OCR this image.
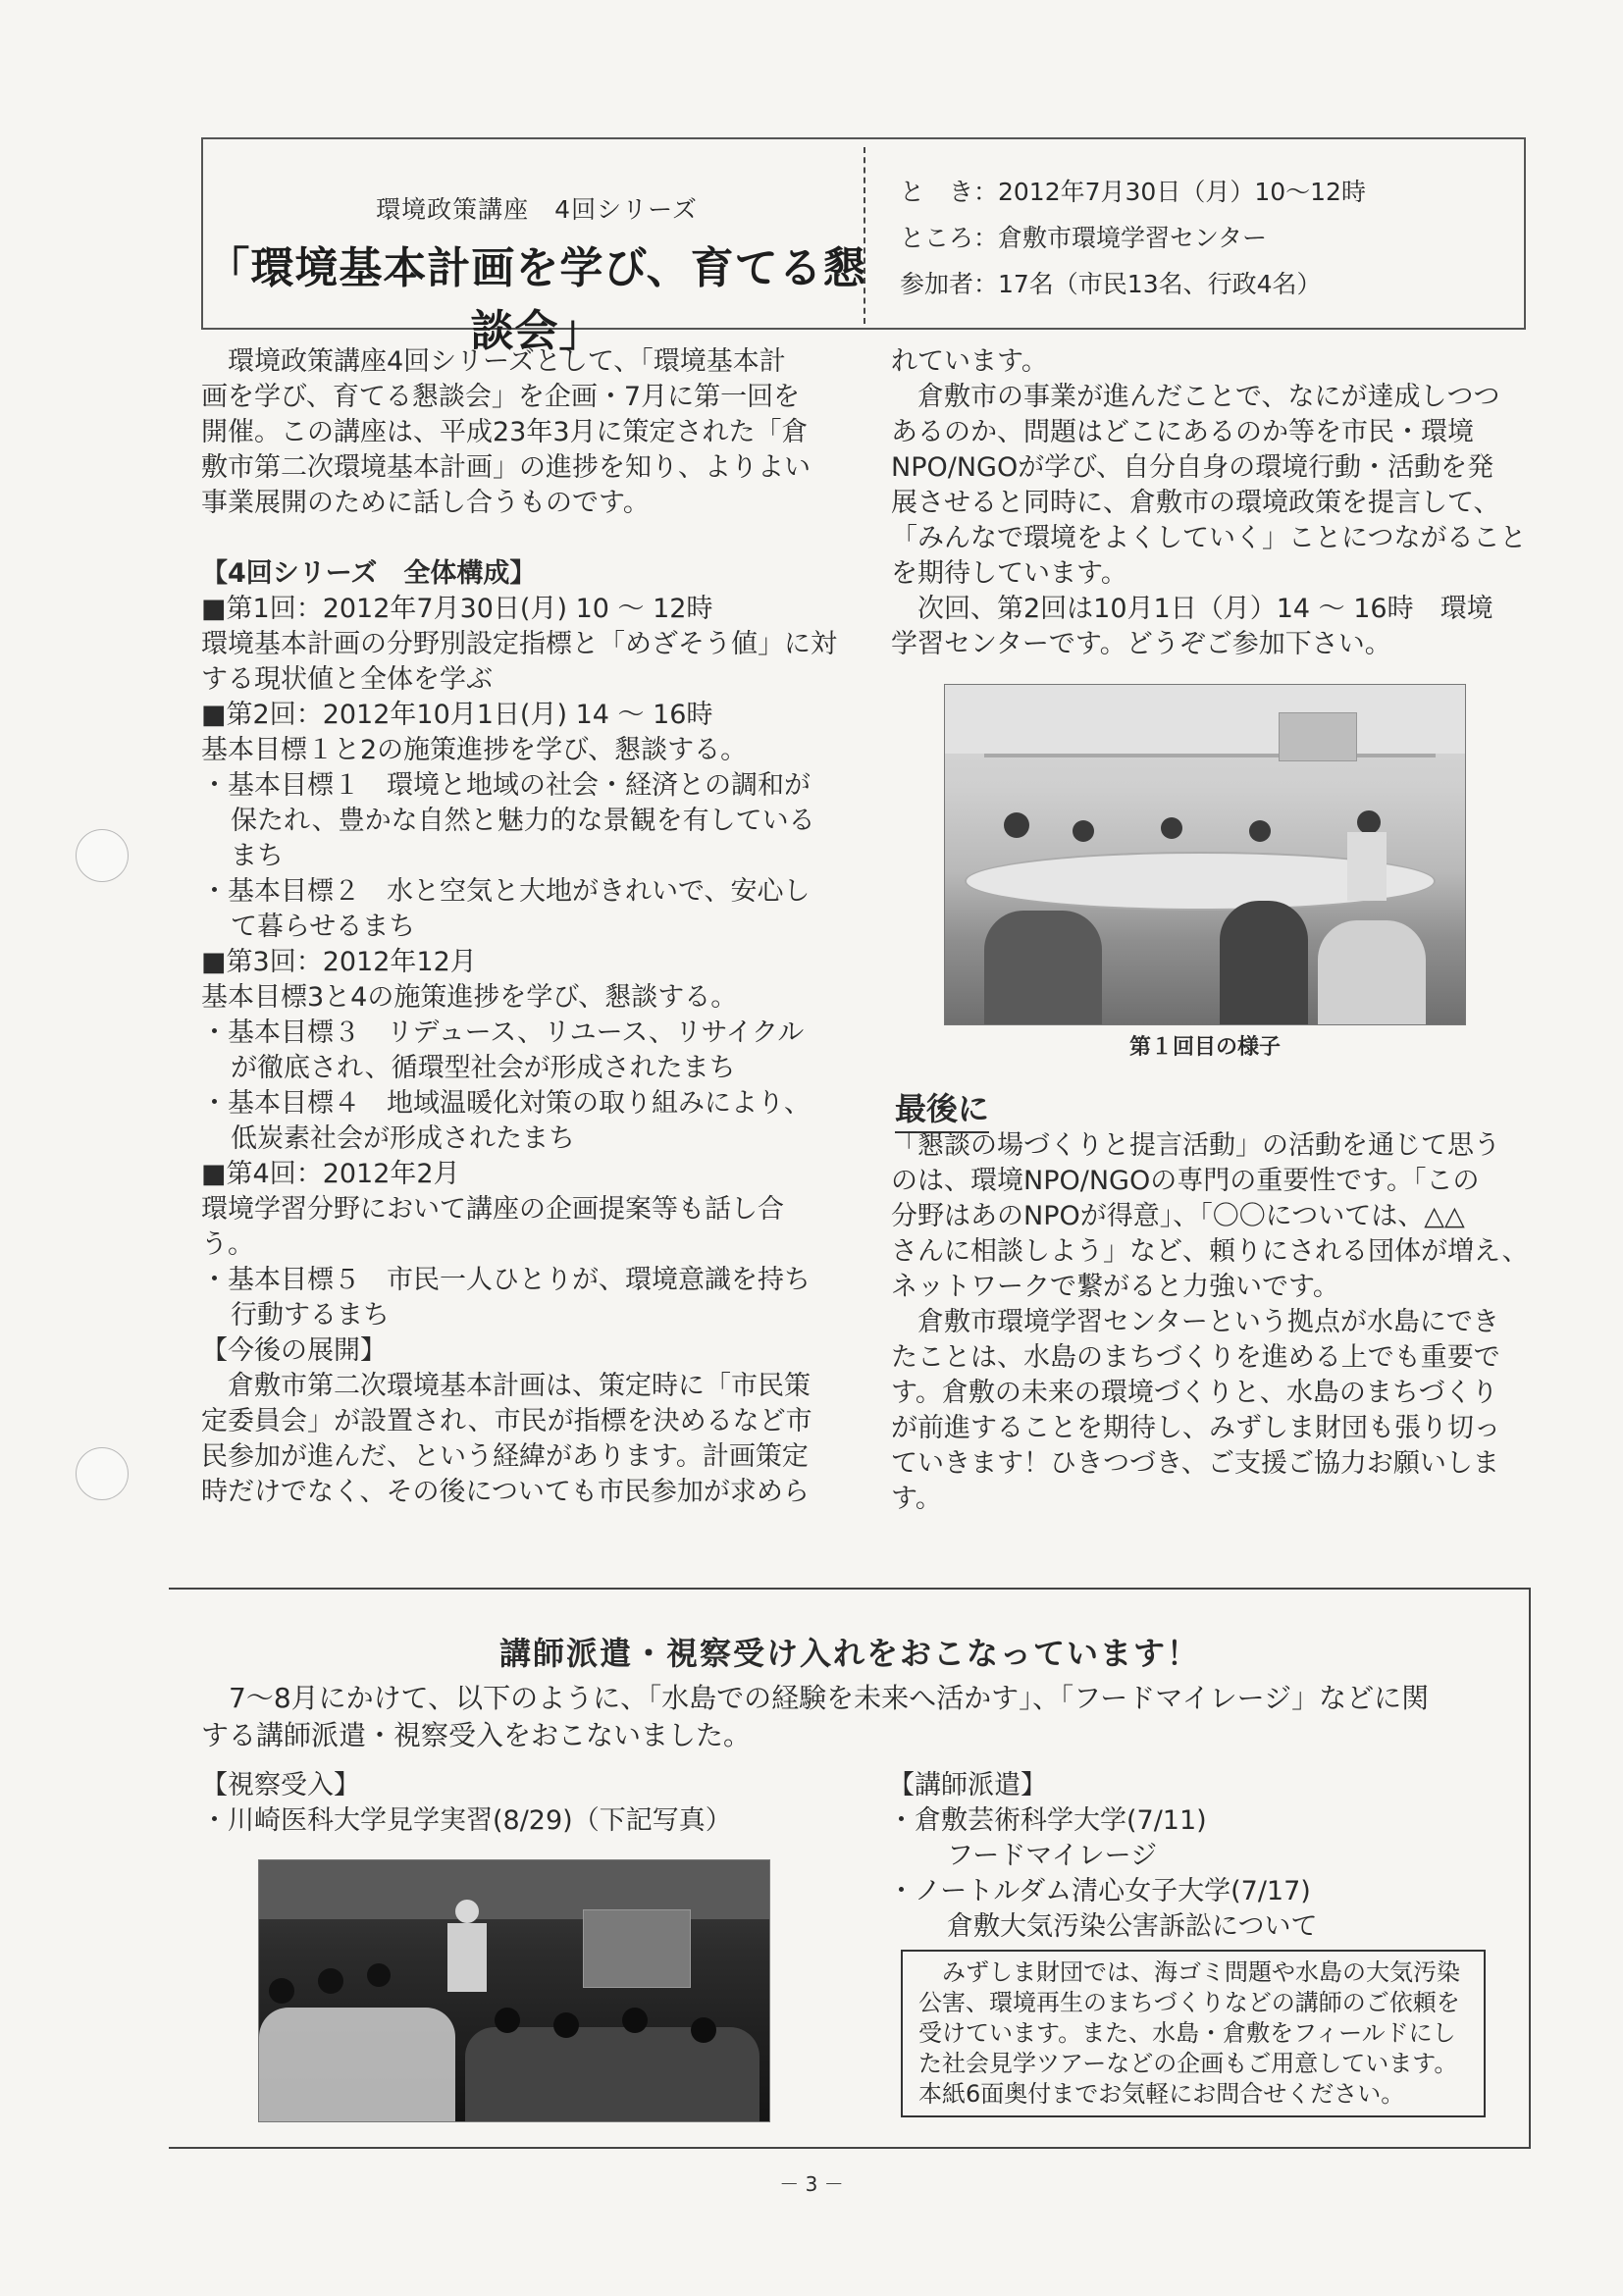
環境政策講座　4回シリーズ
「環境基本計画を学び、育てる懇談会」
と　き：2012年7月30日（月）10～12時
ところ：倉敷市環境学習センター
参加者：17名（市民13名、行政4名）
　環境政策講座4回シリーズとして、「環境基本計
画を学び、育てる懇談会」を企画・7月に第一回を
開催。この講座は、平成23年3月に策定された「倉
敷市第二次環境基本計画」の進捗を知り、よりよい
事業展開のために話し合うものです。
【4回シリーズ　全体構成】
■第1回：2012年7月30日(月) 10 ～ 12時
環境基本計画の分野別設定指標と「めざそう値」に対
する現状値と全体を学ぶ
■第2回：2012年10月1日(月) 14 ～ 16時
基本目標１と2の施策進捗を学び、懇談する。
・基本目標１　環境と地域の社会・経済との調和が
保たれ、豊かな自然と魅力的な景観を有している
まち
・基本目標２　水と空気と大地がきれいで、安心し
て暮らせるまち
■第3回：2012年12月
基本目標3と4の施策進捗を学び、懇談する。
・基本目標３　リデュース、リユース、リサイクル
が徹底され、循環型社会が形成されたまち
・基本目標４　地域温暖化対策の取り組みにより、
低炭素社会が形成されたまち
■第4回：2012年2月
環境学習分野において講座の企画提案等も話し合
う。
・基本目標５　市民一人ひとりが、環境意識を持ち
行動するまち
【今後の展開】
　倉敷市第二次環境基本計画は、策定時に「市民策
定委員会」が設置され、市民が指標を決めるなど市
民参加が進んだ、という経緯があります。計画策定
時だけでなく、その後についても市民参加が求めら
れています。
　倉敷市の事業が進んだことで、なにが達成しつつ
あるのか、問題はどこにあるのか等を市民・環境
NPO/NGOが学び、自分自身の環境行動・活動を発
展させると同時に、倉敷市の環境政策を提言して、
「みんなで環境をよくしていく」ことにつながること
を期待しています。
　次回、第2回は10月1日（月）14 ～ 16時　環境
学習センターです。どうぞご参加下さい。
第１回目の様子
最後に
「懇談の場づくりと提言活動」の活動を通じて思う
のは、環境NPO/NGOの専門の重要性です。「この
分野はあのNPOが得意」、「〇〇については、△△
さんに相談しよう」など、頼りにされる団体が増え、
ネットワークで繋がると力強いです。
　倉敷市環境学習センターという拠点が水島にでき
たことは、水島のまちづくりを進める上でも重要で
す。倉敷の未来の環境づくりと、水島のまちづくり
が前進することを期待し、みずしま財団も張り切っ
ていきます！ひきつづき、ご支援ご協力お願いしま
す。
講師派遣・視察受け入れをおこなっています！
　7～8月にかけて、以下のように、「水島での経験を未来へ活かす」、「フードマイレージ」などに関
する講師派遣・視察受入をおこないました。
【視察受入】
・川崎医科大学見学実習(8/29)（下記写真）
【講師派遣】
・倉敷芸術科学大学(7/11)
フードマイレージ
・ノートルダム清心女子大学(7/17)
倉敷大気汚染公害訴訟について
　みずしま財団では、海ゴミ問題や水島の大気汚染
公害、環境再生のまちづくりなどの講師のご依頼を
受けています。また、水島・倉敷をフィールドにし
た社会見学ツアーなどの企画もご用意しています。
本紙6面奥付までお気軽にお問合せください。
－ 3 －
